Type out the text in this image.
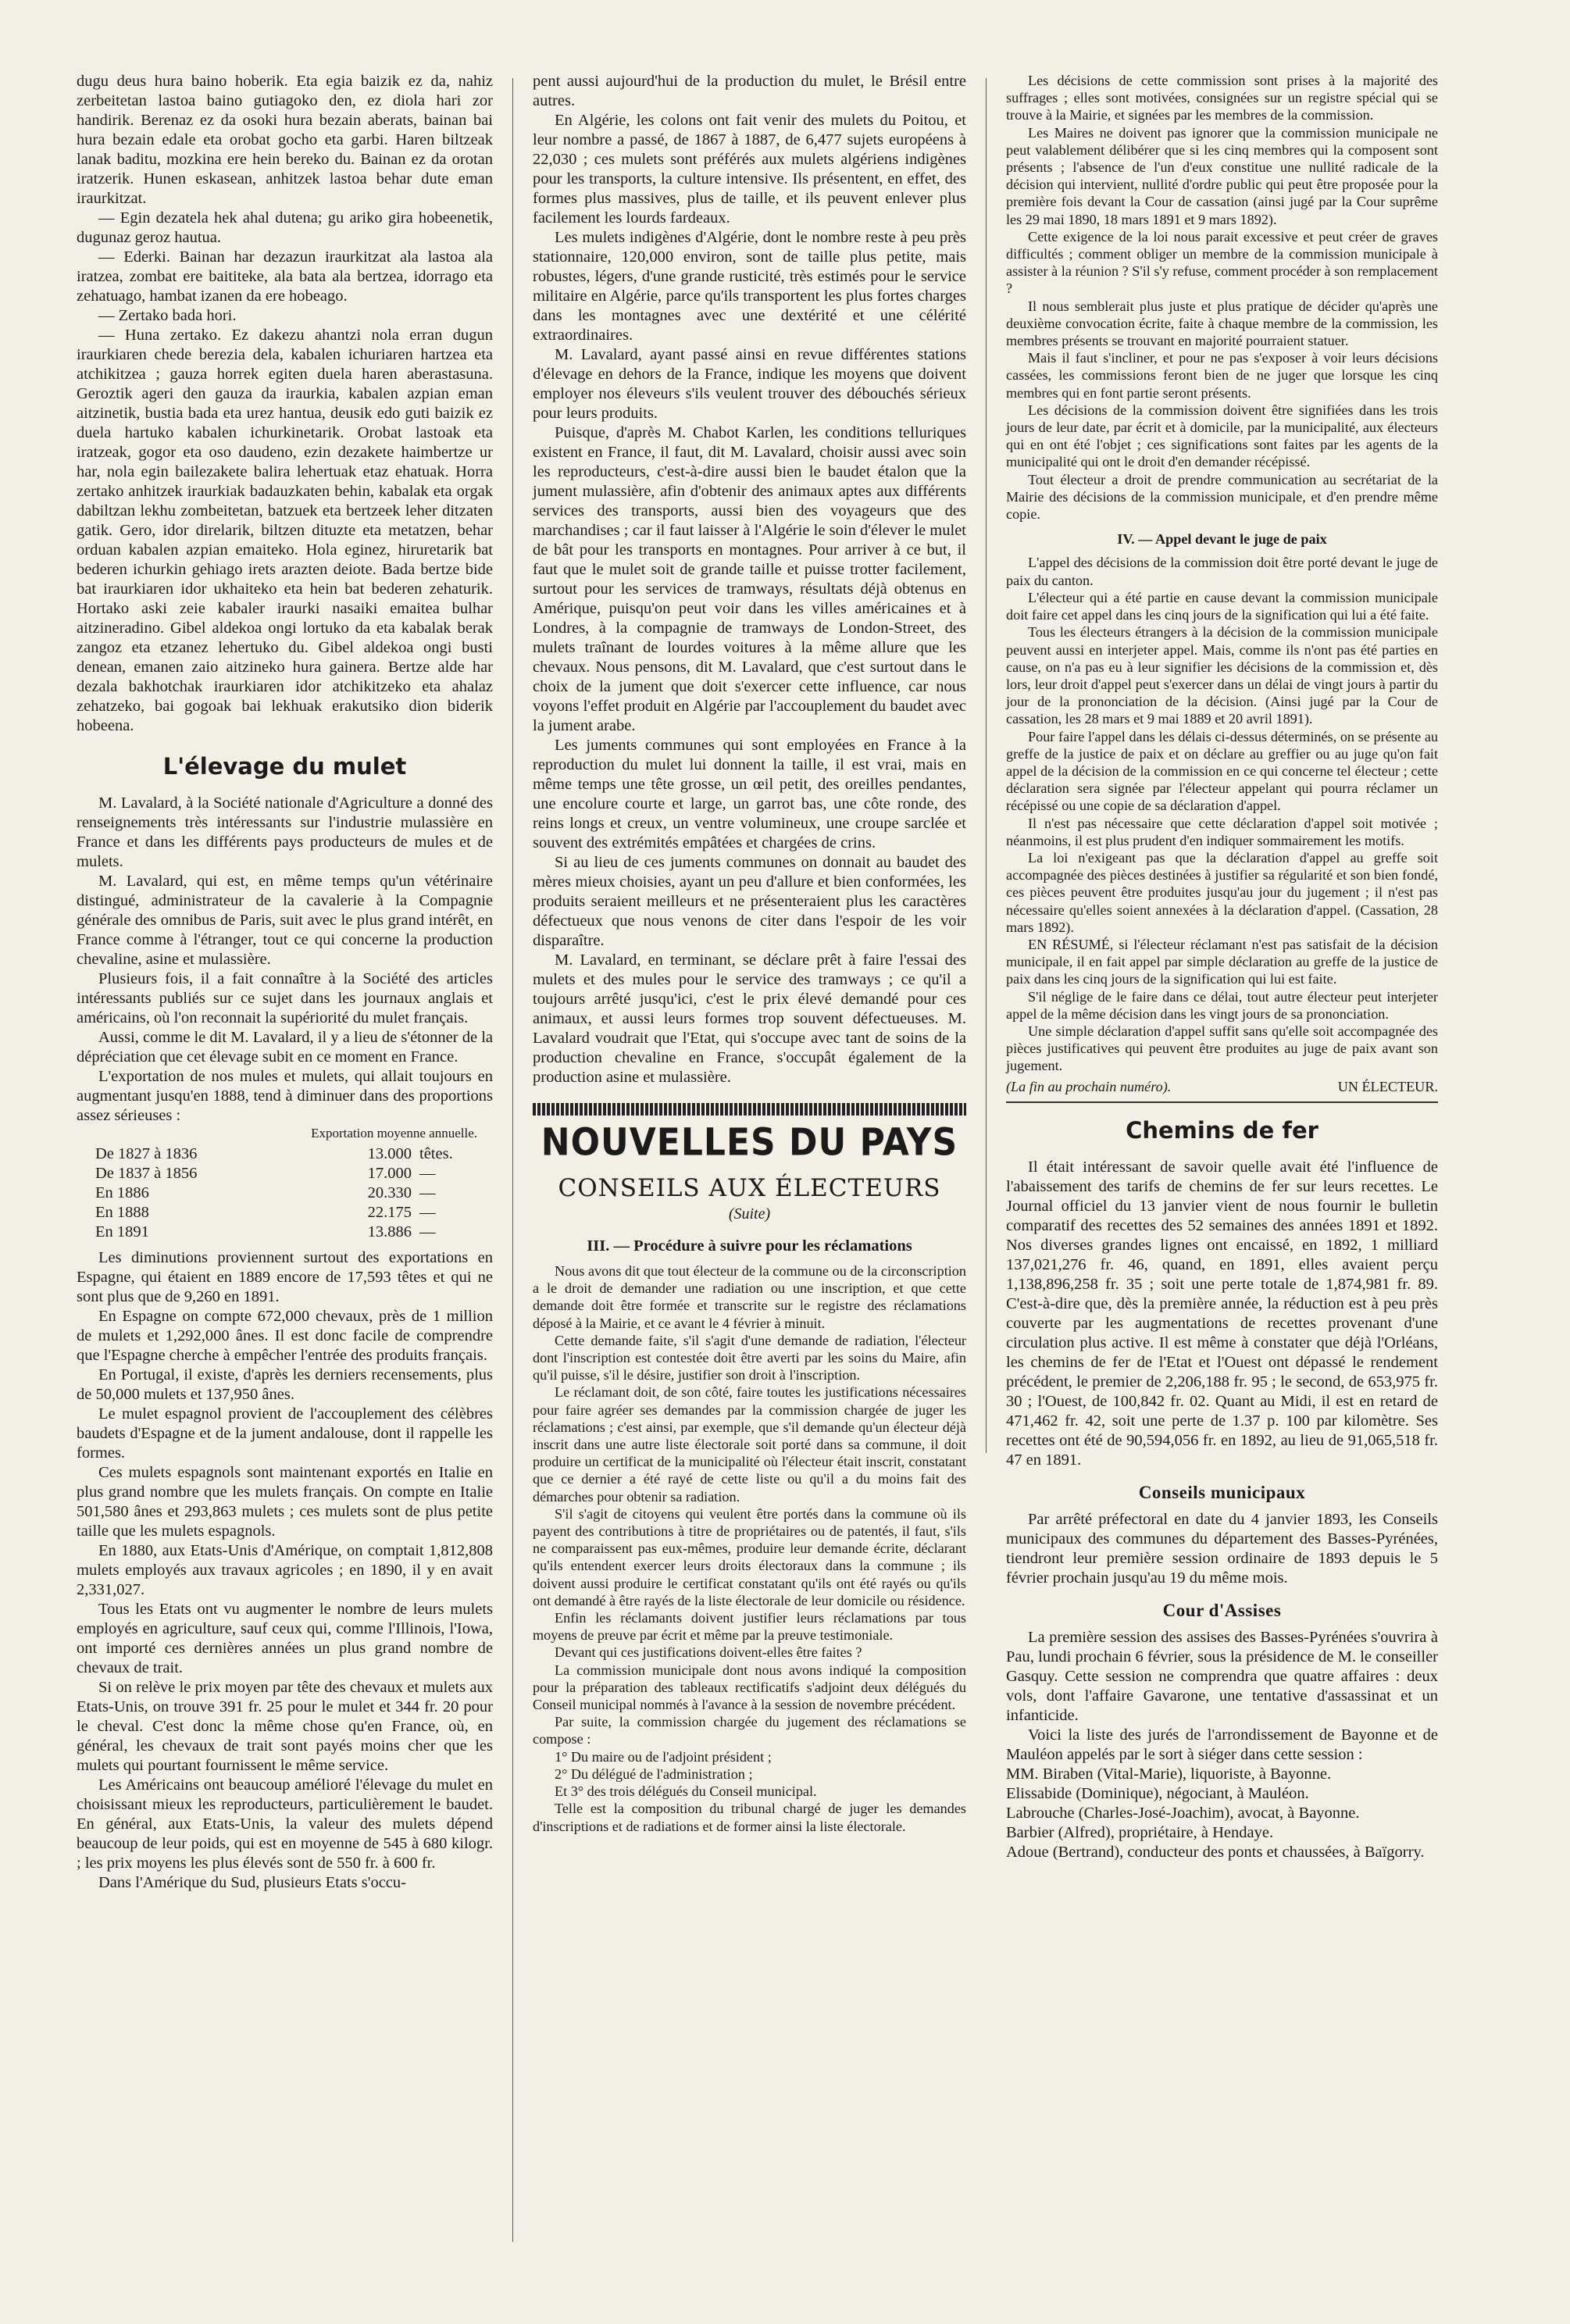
dugu deus hura baino hoberik. Eta egia baizik ez da, nahiz zerbeitetan lastoa baino gutiagoko den, ez diola hari zor handirik. Berenaz ez da osoki hura bezain aberats, bainan bai hura bezain edale eta orobat gocho eta garbi. Haren biltzeak lanak baditu, mozkina ere hein bereko du. Bainan ez da orotan iratzerik. Hunen eskasean, anhitzek lastoa behar dute eman iraurkitzat.

— Egin dezatela hek ahal dutena; gu ariko gira hobeenetik, dugunaz geroz hautua.

— Ederki. Bainan har dezazun iraurkitzat ala lastoa ala iratzea, zombat ere baititeke, ala bata ala bertzea, idorrago eta zehatuago, hambat izanen da ere hobeago.

— Zertako bada hori.

— Huna zertako. Ez dakezu ahantzi nola erran dugun iraurkiaren chede berezia dela, kabalen ichuriaren hartzea eta atchikitzea ; gauza horrek egiten duela haren aberastasuna. Geroztik ageri den gauza da iraurkia, kabalen azpian eman aitzinetik, bustia bada eta urez hantua, deusik edo guti baizik ez duela hartuko kabalen ichurkinetarik. Orobat lastoak eta iratzeak, gogor eta oso daudeno, ezin dezakete haimbertze ur har, nola egin bailezakete balira lehertuak etaz ehatuak. Horra zertako anhitzek iraurkiak badauzkaten behin, kabalak eta orgak dabiltzan lekhu zombeitetan, batzuek eta bertzeek leher ditzaten gatik. Gero, idor direlarik, biltzen dituzte eta metatzen, behar orduan kabalen azpian emaiteko. Hola eginez, hiruretarik bat bederen ichurkin gehiago irets arazten deiote. Bada bertze bide bat iraurkiaren idor ukhaiteko eta hein bat bederen zehaturik. Hortako aski zeie kabaler iraurki nasaiki emaitea bulhar aitzineradino. Gibel aldekoa ongi lortuko da eta kabalak berak zangoz eta etzanez lehertuko du. Gibel aldekoa ongi busti denean, emanen zaio aitzineko hura gainera. Bertze alde har dezala bakhotchak iraurkiaren idor atchikitzeko eta ahalaz zehatzeko, bai gogoak bai lekhuak erakutsiko dion biderik hobeena.

L'élevage du mulet

M. Lavalard, à la Société nationale d'Agriculture a donné des renseignements très intéressants sur l'industrie mulassière en France et dans les différents pays producteurs de mules et de mulets.

M. Lavalard, qui est, en même temps qu'un vétérinaire distingué, administrateur de la cavalerie à la Compagnie générale des omnibus de Paris, suit avec le plus grand intérêt, en France comme à l'étranger, tout ce qui concerne la production chevaline, asine et mulassière.

Plusieurs fois, il a fait connaître à la Société des articles intéressants publiés sur ce sujet dans les journaux anglais et américains, où l'on reconnait la supériorité du mulet français.

Aussi, comme le dit M. Lavalard, il y a lieu de s'étonner de la dépréciation que cet élevage subit en ce moment en France.

L'exportation de nos mules et mulets, qui allait toujours en augmentant jusqu'en 1888, tend à diminuer dans des proportions assez sérieuses :

Exportation moyenne annuelle.
De 1827 à 1836	13.000	têtes.
De 1837 à 1856	17.000	—
En 1886	20.330	—
En 1888	22.175	—
En 1891	13.886	—

Les diminutions proviennent surtout des exportations en Espagne, qui étaient en 1889 encore de 17,593 têtes et qui ne sont plus que de 9,260 en 1891.

En Espagne on compte 672,000 chevaux, près de 1 million de mulets et 1,292,000 ânes. Il est donc facile de comprendre que l'Espagne cherche à empêcher l'entrée des produits français.

En Portugal, il existe, d'après les derniers recensements, plus de 50,000 mulets et 137,950 ânes.

Le mulet espagnol provient de l'accouplement des célèbres baudets d'Espagne et de la jument andalouse, dont il rappelle les formes.

Ces mulets espagnols sont maintenant exportés en Italie en plus grand nombre que les mulets français. On compte en Italie 501,580 ânes et 293,863 mulets ; ces mulets sont de plus petite taille que les mulets espagnols.

En 1880, aux Etats-Unis d'Amérique, on comptait 1,812,808 mulets employés aux travaux agricoles ; en 1890, il y en avait 2,331,027.

Tous les Etats ont vu augmenter le nombre de leurs mulets employés en agriculture, sauf ceux qui, comme l'Illinois, l'Iowa, ont importé ces dernières années un plus grand nombre de chevaux de trait.

Si on relève le prix moyen par tête des chevaux et mulets aux Etats-Unis, on trouve 391 fr. 25 pour le mulet et 344 fr. 20 pour le cheval. C'est donc la même chose qu'en France, où, en général, les chevaux de trait sont payés moins cher que les mulets qui pourtant fournissent le même service.

Les Américains ont beaucoup amélioré l'élevage du mulet en choisissant mieux les reproducteurs, particulièrement le baudet. En général, aux Etats-Unis, la valeur des mulets dépend beaucoup de leur poids, qui est en moyenne de 545 à 680 kilogr. ; les prix moyens les plus élevés sont de 550 fr. à 600 fr.

Dans l'Amérique du Sud, plusieurs Etats s'occu-

pent aussi aujourd'hui de la production du mulet, le Brésil entre autres.

En Algérie, les colons ont fait venir des mulets du Poitou, et leur nombre a passé, de 1867 à 1887, de 6,477 sujets européens à 22,030 ; ces mulets sont préférés aux mulets algériens indigènes pour les transports, la culture intensive. Ils présentent, en effet, des formes plus massives, plus de taille, et ils peuvent enlever plus facilement les lourds fardeaux.

Les mulets indigènes d'Algérie, dont le nombre reste à peu près stationnaire, 120,000 environ, sont de taille plus petite, mais robustes, légers, d'une grande rusticité, très estimés pour le service militaire en Algérie, parce qu'ils transportent les plus fortes charges dans les montagnes avec une dextérité et une célérité extraordinaires.

M. Lavalard, ayant passé ainsi en revue différentes stations d'élevage en dehors de la France, indique les moyens que doivent employer nos éleveurs s'ils veulent trouver des débouchés sérieux pour leurs produits.

Puisque, d'après M. Chabot Karlen, les conditions telluriques existent en France, il faut, dit M. Lavalard, choisir aussi avec soin les reproducteurs, c'est-à-dire aussi bien le baudet étalon que la jument mulassière, afin d'obtenir des animaux aptes aux différents services des transports, aussi bien des voyageurs que des marchandises ; car il faut laisser à l'Algérie le soin d'élever le mulet de bât pour les transports en montagnes. Pour arriver à ce but, il faut que le mulet soit de grande taille et puisse trotter facilement, surtout pour les services de tramways, résultats déjà obtenus en Amérique, puisqu'on peut voir dans les villes américaines et à Londres, à la compagnie de tramways de London-Street, des mulets traînant de lourdes voitures à la même allure que les chevaux. Nous pensons, dit M. Lavalard, que c'est surtout dans le choix de la jument que doit s'exercer cette influence, car nous voyons l'effet produit en Algérie par l'accouplement du baudet avec la jument arabe.

Les juments communes qui sont employées en France à la reproduction du mulet lui donnent la taille, il est vrai, mais en même temps une tête grosse, un œil petit, des oreilles pendantes, une encolure courte et large, un garrot bas, une côte ronde, des reins longs et creux, un ventre volumineux, une croupe sarclée et souvent des extrémités empâtées et chargées de crins.

Si au lieu de ces juments communes on donnait au baudet des mères mieux choisies, ayant un peu d'allure et bien conformées, les produits seraient meilleurs et ne présenteraient plus les caractères défectueux que nous venons de citer dans l'espoir de les voir disparaître.

M. Lavalard, en terminant, se déclare prêt à faire l'essai des mulets et des mules pour le service des tramways ; ce qu'il a toujours arrêté jusqu'ici, c'est le prix élevé demandé pour ces animaux, et aussi leurs formes trop souvent défectueuses. M. Lavalard voudrait que l'Etat, qui s'occupe avec tant de soins de la production chevaline en France, s'occupât également de la production asine et mulassière.

NOUVELLES DU PAYS
CONSEILS AUX ÉLECTEURS
(Suite)
III. — Procédure à suivre pour les réclamations

Nous avons dit que tout électeur de la commune ou de la circonscription a le droit de demander une radiation ou une inscription, et que cette demande doit être formée et transcrite sur le registre des réclamations déposé à la Mairie, et ce avant le 4 février à minuit.

Cette demande faite, s'il s'agit d'une demande de radiation, l'électeur dont l'inscription est contestée doit être averti par les soins du Maire, afin qu'il puisse, s'il le désire, justifier son droit à l'inscription.

Le réclamant doit, de son côté, faire toutes les justifications nécessaires pour faire agréer ses demandes par la commission chargée de juger les réclamations ; c'est ainsi, par exemple, que s'il demande qu'un électeur déjà inscrit dans une autre liste électorale soit porté dans sa commune, il doit produire un certificat de la municipalité où l'électeur était inscrit, constatant que ce dernier a été rayé de cette liste ou qu'il a du moins fait des démarches pour obtenir sa radiation.

S'il s'agit de citoyens qui veulent être portés dans la commune où ils payent des contributions à titre de propriétaires ou de patentés, il faut, s'ils ne comparaissent pas eux-mêmes, produire leur demande écrite, déclarant qu'ils entendent exercer leurs droits électoraux dans la commune ; ils doivent aussi produire le certificat constatant qu'ils ont été rayés ou qu'ils ont demandé à être rayés de la liste électorale de leur domicile ou résidence.

Enfin les réclamants doivent justifier leurs réclamations par tous moyens de preuve par écrit et même par la preuve testimoniale.

Devant qui ces justifications doivent-elles être faites ?

La commission municipale dont nous avons indiqué la composition pour la préparation des tableaux rectificatifs s'adjoint deux délégués du Conseil municipal nommés à l'avance à la session de novembre précédent.

Par suite, la commission chargée du jugement des réclamations se compose :

1° Du maire ou de l'adjoint président ;

2° Du délégué de l'administration ;

Et 3° des trois délégués du Conseil municipal.

Telle est la composition du tribunal chargé de juger les demandes d'inscriptions et de radiations et de former ainsi la liste électorale.

Les décisions de cette commission sont prises à la majorité des suffrages ; elles sont motivées, consignées sur un registre spécial qui se trouve à la Mairie, et signées par les membres de la commission.

Les Maires ne doivent pas ignorer que la commission municipale ne peut valablement délibérer que si les cinq membres qui la composent sont présents ; l'absence de l'un d'eux constitue une nullité radicale de la décision qui intervient, nullité d'ordre public qui peut être proposée pour la première fois devant la Cour de cassation (ainsi jugé par la Cour suprême les 29 mai 1890, 18 mars 1891 et 9 mars 1892).

Cette exigence de la loi nous parait excessive et peut créer de graves difficultés ; comment obliger un membre de la commission municipale à assister à la réunion ? S'il s'y refuse, comment procéder à son remplacement ?

Il nous semblerait plus juste et plus pratique de décider qu'après une deuxième convocation écrite, faite à chaque membre de la commission, les membres présents se trouvant en majorité pourraient statuer.

Mais il faut s'incliner, et pour ne pas s'exposer à voir leurs décisions cassées, les commissions feront bien de ne juger que lorsque les cinq membres qui en font partie seront présents.

Les décisions de la commission doivent être signifiées dans les trois jours de leur date, par écrit et à domicile, par la municipalité, aux électeurs qui en ont été l'objet ; ces significations sont faites par les agents de la municipalité qui ont le droit d'en demander récépissé.

Tout électeur a droit de prendre communication au secrétariat de la Mairie des décisions de la commission municipale, et d'en prendre même copie.

IV. — Appel devant le juge de paix

L'appel des décisions de la commission doit être porté devant le juge de paix du canton.

L'électeur qui a été partie en cause devant la commission municipale doit faire cet appel dans les cinq jours de la signification qui lui a été faite.

Tous les électeurs étrangers à la décision de la commission municipale peuvent aussi en interjeter appel. Mais, comme ils n'ont pas été parties en cause, on n'a pas eu à leur signifier les décisions de la commission et, dès lors, leur droit d'appel peut s'exercer dans un délai de vingt jours à partir du jour de la prononciation de la décision. (Ainsi jugé par la Cour de cassation, les 28 mars et 9 mai 1889 et 20 avril 1891).

Pour faire l'appel dans les délais ci-dessus déterminés, on se présente au greffe de la justice de paix et on déclare au greffier ou au juge qu'on fait appel de la décision de la commission en ce qui concerne tel électeur ; cette déclaration sera signée par l'électeur appelant qui pourra réclamer un récépissé ou une copie de sa déclaration d'appel.

Il n'est pas nécessaire que cette déclaration d'appel soit motivée ; néanmoins, il est plus prudent d'en indiquer sommairement les motifs.

La loi n'exigeant pas que la déclaration d'appel au greffe soit accompagnée des pièces destinées à justifier sa régularité et son bien fondé, ces pièces peuvent être produites jusqu'au jour du jugement ; il n'est pas nécessaire qu'elles soient annexées à la déclaration d'appel. (Cassation, 28 mars 1892).

EN RÉSUMÉ, si l'électeur réclamant n'est pas satisfait de la décision municipale, il en fait appel par simple déclaration au greffe de la justice de paix dans les cinq jours de la signification qui lui est faite.

S'il néglige de le faire dans ce délai, tout autre électeur peut interjeter appel de la même décision dans les vingt jours de sa prononciation.

Une simple déclaration d'appel suffit sans qu'elle soit accompagnée des pièces justificatives qui peuvent être produites au juge de paix avant son jugement.

(La fin au prochain numéro).	UN ÉLECTEUR.
Chemins de fer

Il était intéressant de savoir quelle avait été l'influence de l'abaissement des tarifs de chemins de fer sur leurs recettes. Le Journal officiel du 13 janvier vient de nous fournir le bulletin comparatif des recettes des 52 semaines des années 1891 et 1892. Nos diverses grandes lignes ont encaissé, en 1892, 1 milliard 137,021,276 fr. 46, quand, en 1891, elles avaient perçu 1,138,896,258 fr. 35 ; soit une perte totale de 1,874,981 fr. 89. C'est-à-dire que, dès la première année, la réduction est à peu près couverte par les augmentations de recettes provenant d'une circulation plus active. Il est même à constater que déjà l'Orléans, les chemins de fer de l'Etat et l'Ouest ont dépassé le rendement précédent, le premier de 2,206,188 fr. 95 ; le second, de 653,975 fr. 30 ; l'Ouest, de 100,842 fr. 02. Quant au Midi, il est en retard de 471,462 fr. 42, soit une perte de 1.37 p. 100 par kilomètre. Ses recettes ont été de 90,594,056 fr. en 1892, au lieu de 91,065,518 fr. 47 en 1891.

Conseils municipaux

Par arrêté préfectoral en date du 4 janvier 1893, les Conseils municipaux des communes du département des Basses-Pyrénées, tiendront leur première session ordinaire de 1893 depuis le 5 février prochain jusqu'au 19 du même mois.

Cour d'Assises

La première session des assises des Basses-Pyrénées s'ouvrira à Pau, lundi prochain 6 février, sous la présidence de M. le conseiller Gasquy. Cette session ne comprendra que quatre affaires : deux vols, dont l'affaire Gavarone, une tentative d'assassinat et un infanticide.

Voici la liste des jurés de l'arrondissement de Bayonne et de Mauléon appelés par le sort à siéger dans cette session :

MM. Biraben (Vital-Marie), liquoriste, à Bayonne.
Elissabide (Dominique), négociant, à Mauléon.
Labrouche (Charles-José-Joachim), avocat, à Bayonne.
Barbier (Alfred), propriétaire, à Hendaye.
Adoue (Bertrand), conducteur des ponts et chaussées, à Baïgorry.
